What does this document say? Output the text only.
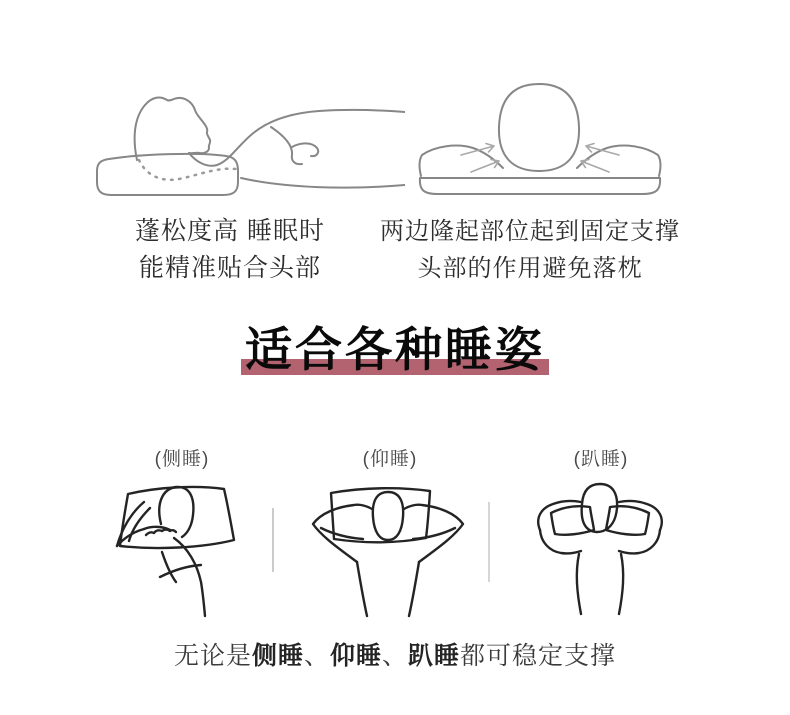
蓬松度高 睡眠时
能精准贴合头部
两边隆起部位起到固定支撑
头部的作用避免落枕
适合各种睡姿
(侧睡)	(仰睡)	(趴睡)
无论是侧睡、仰睡、趴睡都可稳定支撑
